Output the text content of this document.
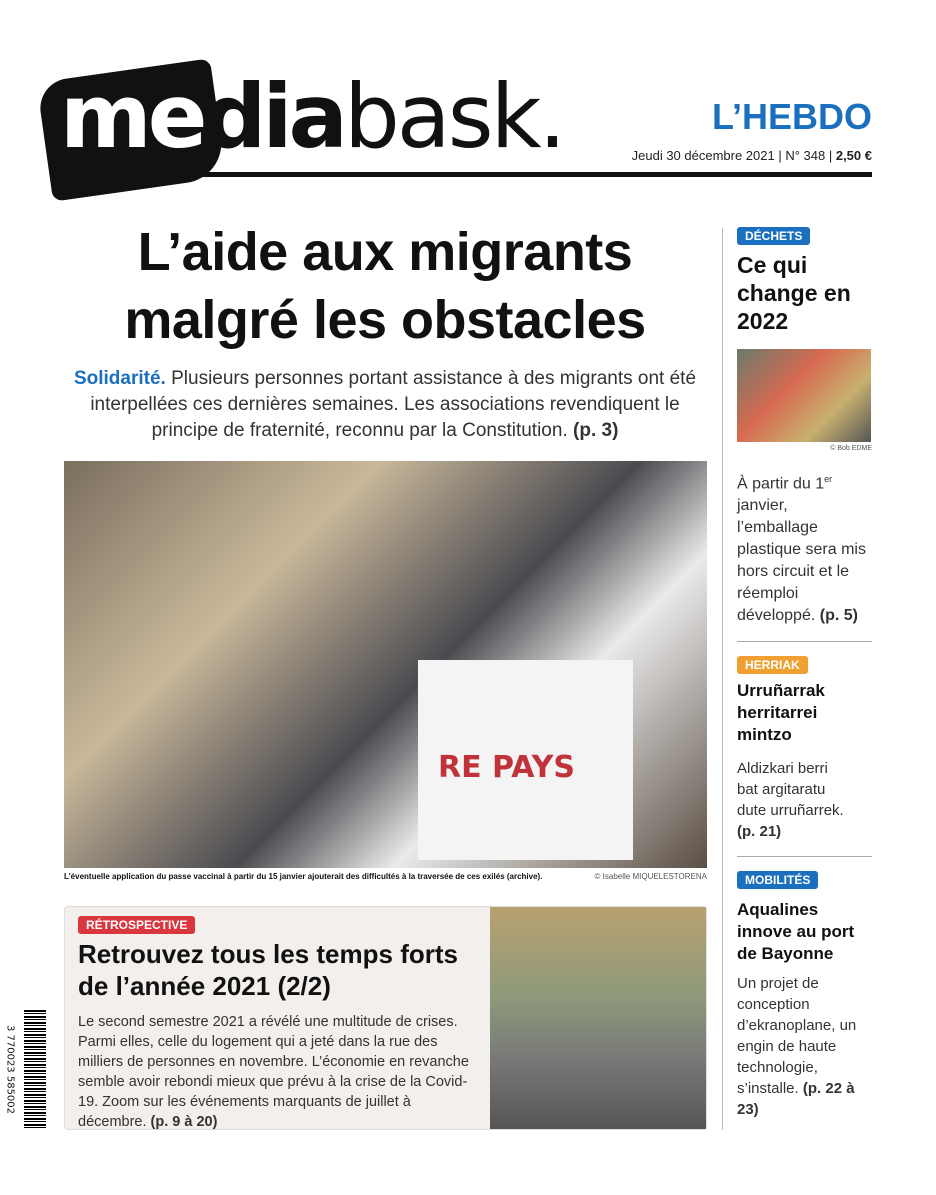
mediabask.	L’HEBDO
Jeudi 30 décembre 2021 | N° 348 | 2,50 €
L’aide aux migrants malgré les obstacles

Solidarité. Plusieurs personnes portant assistance à des migrants ont été interpellées ces dernières semaines. Les associations revendiquent le principe de fraternité, reconnu par la Constitution. (p. 3)

RE PAYS
L’éventuelle application du passe vaccinal à partir du 15 janvier ajouterait des difficultés à la traversée de ces exilés (archive).	© Isabelle MIQUELESTORENA
RÉTROSPECTIVE
Retrouvez tous les temps forts de l’année 2021 (2/2)

Le second semestre 2021 a révélé une multitude de crises. Parmi elles, celle du logement qui a jeté dans la rue des milliers de personnes en novembre. L’économie en revanche semble avoir rebondi mieux que prévu à la crise de la Covid-19. Zoom sur les événements marquants de juillet à décembre. (p. 9 à 20)

3 770023 585002
DÉCHETS
Ce qui change en 2022
© Bob EDME

À partir du 1er janvier, l’emballage plastique sera mis hors circuit et le réemploi développé. (p. 5)

HERRIAK
Urruñarrak herritarrei mintzo

Aldizkari berri bat argitaratu dute urruñarrek. (p. 21)

MOBILITÉS
Aqualines innove au port de Bayonne

Un projet de conception d’ekranoplane, un engin de haute technologie, s’installe. (p. 22 à 23)
